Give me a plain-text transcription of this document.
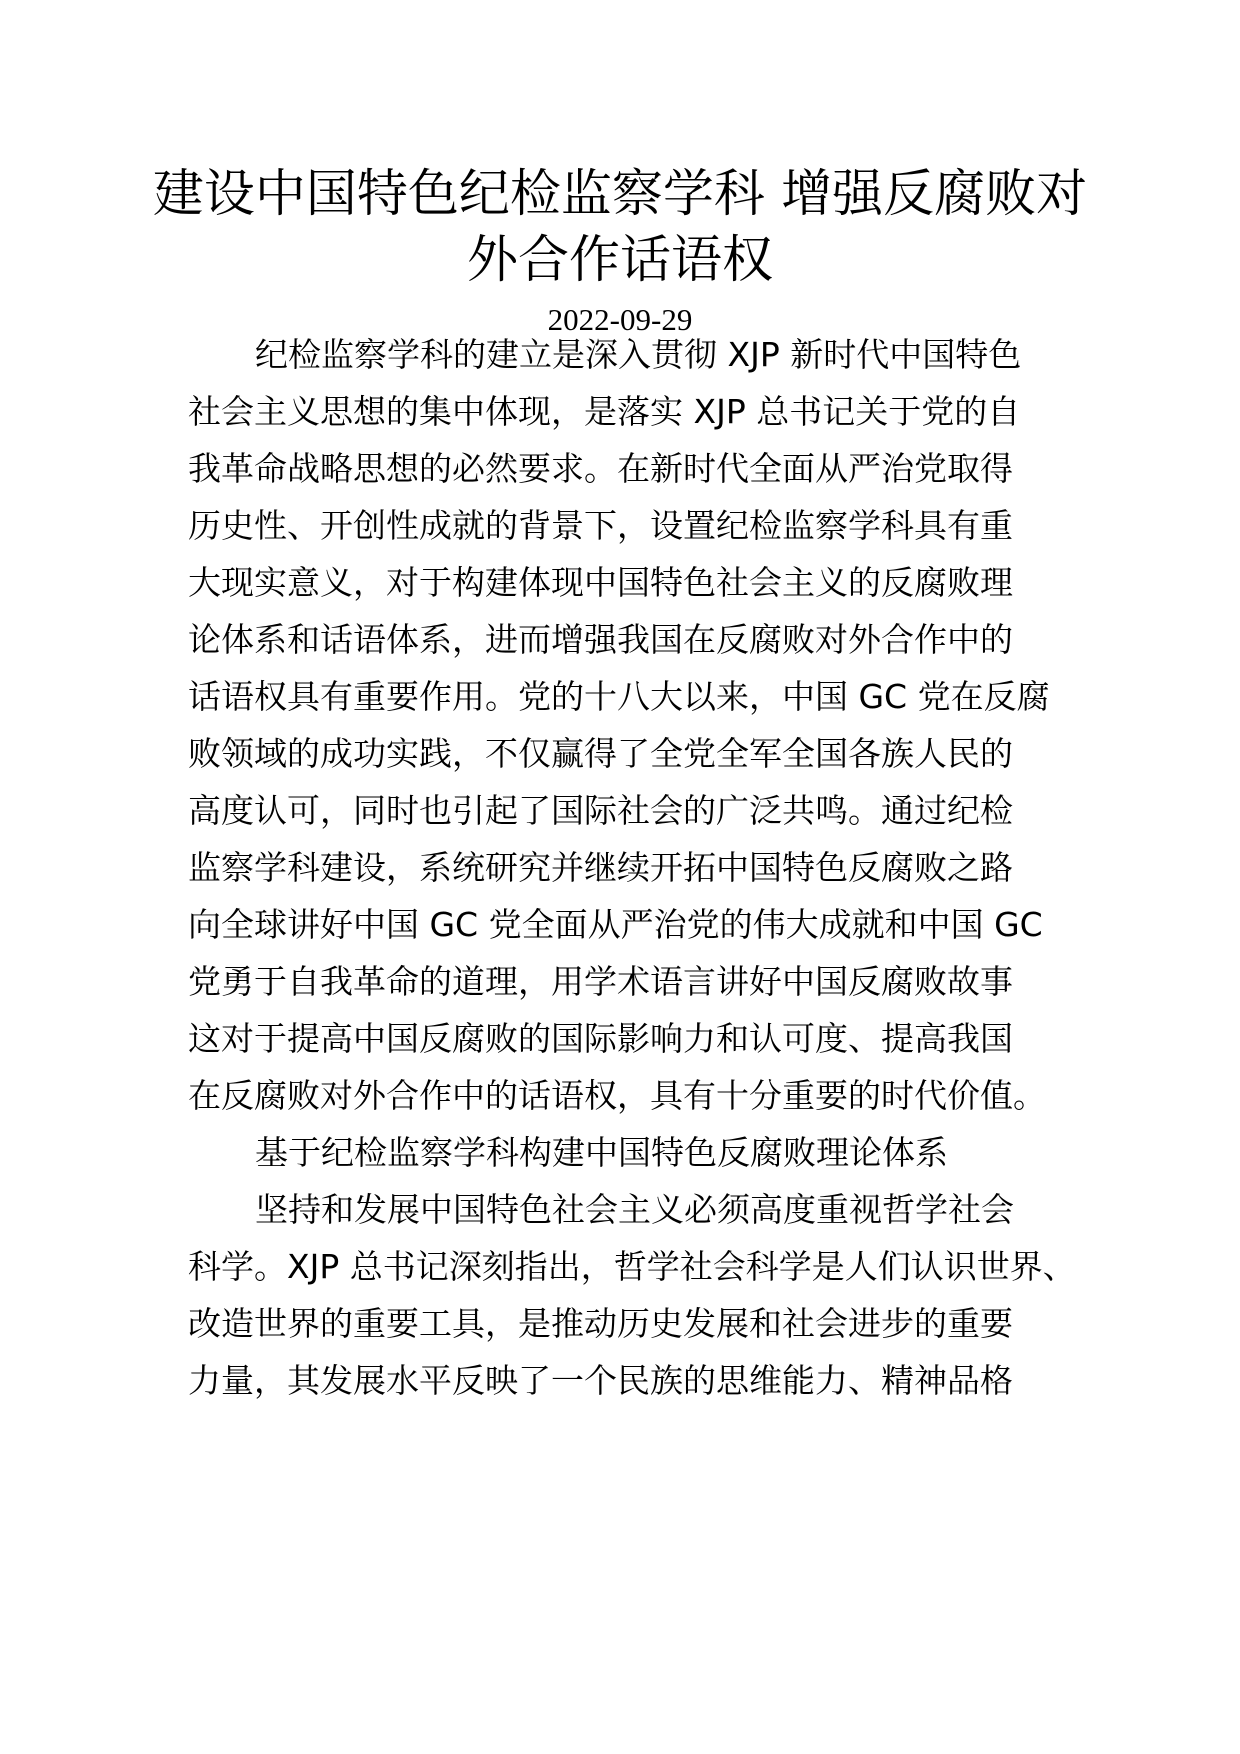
建设中国特色纪检监察学科 增强反腐败对
外合作话语权
2022-09-29

纪检监察学科的建立是深入贯彻 XJP 新时代中国特色

社会主义思想的集中体现，是落实 XJP 总书记关于党的自

我革命战略思想的必然要求。在新时代全面从严治党取得

历史性、开创性成就的背景下，设置纪检监察学科具有重

大现实意义，对于构建体现中国特色社会主义的反腐败理

论体系和话语体系，进而增强我国在反腐败对外合作中的

话语权具有重要作用。党的十八大以来，中国 GC 党在反腐

败领域的成功实践，不仅赢得了全党全军全国各族人民的

高度认可，同时也引起了国际社会的广泛共鸣。通过纪检

监察学科建设，系统研究并继续开拓中国特色反腐败之路

向全球讲好中国 GC 党全面从严治党的伟大成就和中国 GC

党勇于自我革命的道理，用学术语言讲好中国反腐败故事

这对于提高中国反腐败的国际影响力和认可度、提高我国

在反腐败对外合作中的话语权，具有十分重要的时代价值。

基于纪检监察学科构建中国特色反腐败理论体系

坚持和发展中国特色社会主义必须高度重视哲学社会

科学。XJP 总书记深刻指出，哲学社会科学是人们认识世界、

改造世界的重要工具，是推动历史发展和社会进步的重要

力量，其发展水平反映了一个民族的思维能力、精神品格
